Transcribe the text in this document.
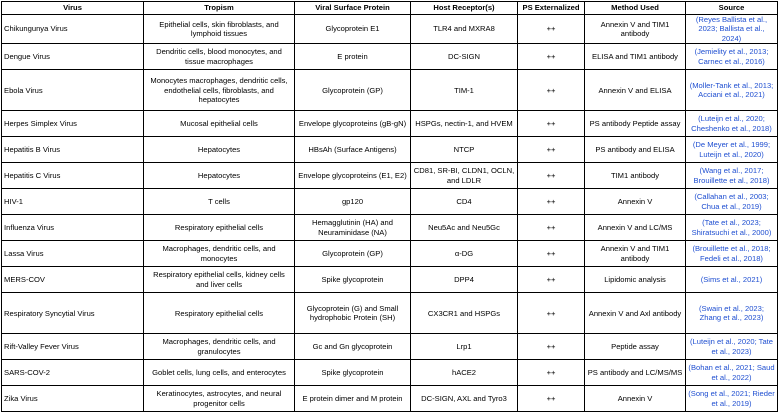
Virus	Tropism	Viral Surface Protein	Host Receptor(s)	PS Externalized	Method Used	Source
Chikungunya Virus	Epithelial cells, skin fibroblasts, and lymphoid tissues	Glycoprotein E1	TLR4 and MXRA8	++	Annexin V and TIM1 antibody	(Reyes Ballista et al., 2023; Ballista et al., 2024)
Dengue Virus	Dendritic cells, blood monocytes, and tissue macrophages	E protein	DC-SIGN	++	ELISA and TIM1 antibody	(Jemielity et al., 2013; Carnec et al., 2016)
Ebola Virus	Monocytes macrophages, dendritic cells, endothelial cells, fibroblasts, and hepatocytes	Glycoprotein (GP)	TIM-1	++	Annexin V and ELISA	(Moller-Tank et al., 2013; Acciani et al., 2021)
Herpes Simplex Virus	Mucosal epithelial cells	Envelope glycoproteins (gB-gN)	HSPGs, nectin-1, and HVEM	++	PS antibody Peptide assay	(Luteijn et al., 2020; Cheshenko et al., 2018)
Hepatitis B Virus	Hepatocytes	HBsAh (Surface Antigens)	NTCP	++	PS antibody and ELISA	(De Meyer et al., 1999; Luteijn et al., 2020)
Hepatitis C Virus	Hepatocytes	Envelope glycoproteins (E1, E2)	CD81, SR-BI, CLDN1, OCLN, and LDLR	++	TIM1 antibody	(Wang et al., 2017; Brouillette et al., 2018)
HIV-1	T cells	gp120	CD4	++	Annexin V	(Callahan et al., 2003; Chua et al., 2019)
Influenza Virus	Respiratory epithelial cells	Hemagglutinin (HA) and Neuraminidase (NA)	Neu5Ac and Neu5Gc	++	Annexin V and LC/MS	(Tate et al., 2023; Shiratsuchi et al., 2000)
Lassa Virus	Macrophages, dendritic cells, and monocytes	Glycoprotein (GP)	α-DG	++	Annexin V and TIM1 antibody	(Brouillette et al., 2018; Fedeli et al., 2018)
MERS-COV	Respiratory epithelial cells, kidney cells and liver cells	Spike glycoprotein	DPP4	++	Lipidomic analysis	(Sims et al., 2021)
Respiratory Syncytial Virus	Respiratory epithelial cells	Glycoprotein (G) and Small hydrophobic Protein (SH)	CX3CR1 and HSPGs	++	Annexin V and Axl antibody	(Swain et al., 2023; Zhang et al., 2023)
Rift-Valley Fever Virus	Macrophages, dendritic cells, and granulocytes	Gc and Gn glycoprotein	Lrp1	++	Peptide assay	(Luteijn et al., 2020; Tate et al., 2023)
SARS-COV-2	Goblet cells, lung cells, and enterocytes	Spike glycoprotein	hACE2	++	PS antibody and LC/MS/MS	(Bohan et al., 2021; Saud et al., 2022)
Zika Virus	Keratinocytes, astrocytes, and neural progenitor cells	E protein dimer and M protein	DC-SIGN, AXL and Tyro3	++	Annexin V	(Song et al., 2021; Rieder et al., 2019)
